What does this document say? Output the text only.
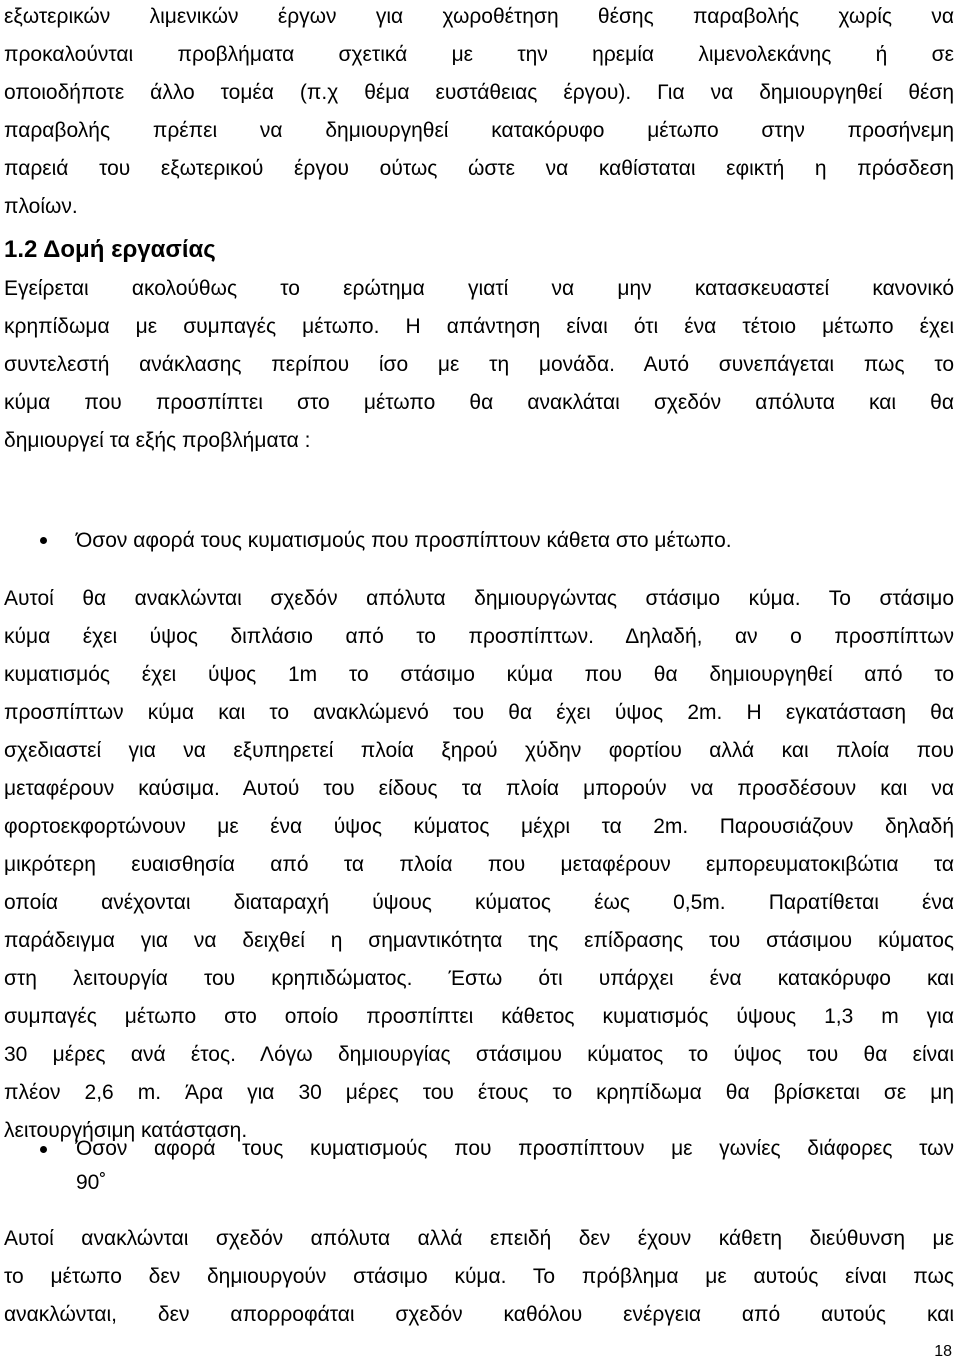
εξωτερικών λιμενικών έργων για χωροθέτηση θέσης παραβολής χωρίς να
προκαλούνται προβλήματα σχετικά με την ηρεμία λιμενολεκάνης ή σε
οποιοδήποτε άλλο τομέα (π.χ θέμα ευστάθειας έργου). Για να δημιουργηθεί θέση
παραβολής πρέπει να δημιουργηθεί κατακόρυφο μέτωπο στην προσήνεμη
παρειά του εξωτερικού έργου ούτως ώστε να καθίσταται εφικτή η πρόσδεση
πλοίων.
1.2 Δομή εργασίας
Εγείρεται ακολούθως το ερώτημα γιατί να μην κατασκευαστεί κανονικό
κρηπίδωμα με συμπαγές μέτωπο. Η απάντηση είναι ότι ένα τέτοιο μέτωπο έχει
συντελεστή ανάκλασης περίπου ίσο με τη μονάδα. Αυτό συνεπάγεται πως το
κύμα που προσπίπτει στο μέτωπο θα ανακλάται σχεδόν απόλυτα και θα
δημιουργεί τα εξής προβλήματα :
Όσον αφορά τους κυματισμούς που προσπίπτουν κάθετα στο μέτωπο.
Αυτοί θα ανακλώνται σχεδόν απόλυτα δημιουργώντας στάσιμο κύμα. Το στάσιμο
κύμα έχει ύψος διπλάσιο από το προσπίπτων. Δηλαδή, αν ο προσπίπτων
κυματισμός έχει ύψος 1m το στάσιμο κύμα που θα δημιουργηθεί από το
προσπίπτων κύμα και το ανακλώμενό του θα έχει ύψος 2m. Η εγκατάσταση θα
σχεδιαστεί για να εξυπηρετεί πλοία ξηρού χύδην φορτίου αλλά και πλοία που
μεταφέρουν καύσιμα. Αυτού του είδους τα πλοία μπορούν να προσδέσουν και να
φορτοεκφορτώνουν με ένα ύψος κύματος μέχρι τα 2m. Παρουσιάζουν δηλαδή
μικρότερη ευαισθησία από τα πλοία που μεταφέρουν εμπορευματοκιβώτια τα
οποία ανέχονται διαταραχή ύψους κύματος έως 0,5m. Παρατίθεται ένα
παράδειγμα για να δειχθεί η σημαντικότητα της επίδρασης του στάσιμου κύματος
στη λειτουργία του κρηπιδώματος. Έστω ότι υπάρχει ένα κατακόρυφο και
συμπαγές μέτωπο στο οποίο προσπίπτει κάθετος κυματισμός ύψους 1,3 m για
30 μέρες ανά έτος. Λόγω δημιουργίας στάσιμου κύματος το ύψος του θα είναι
πλέον 2,6 m. Άρα για 30 μέρες του έτους το κρηπίδωμα θα βρίσκεται σε μη
λειτουργήσιμη κατάσταση.
Όσον αφορά τους κυματισμούς που προσπίπτουν με γωνίες διάφορες των
90˚
Αυτοί ανακλώνται σχεδόν απόλυτα αλλά επειδή δεν έχουν κάθετη διεύθυνση με
το μέτωπο δεν δημιουργούν στάσιμο κύμα. Το πρόβλημα με αυτούς είναι πως
ανακλώνται, δεν απορροφάται σχεδόν καθόλου ενέργεια από αυτούς και
18
